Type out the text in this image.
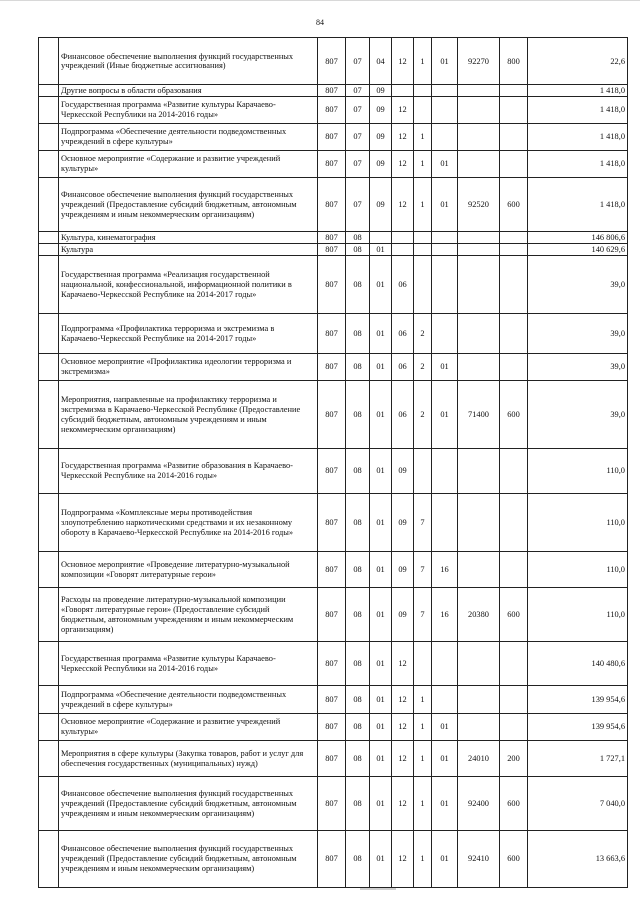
84
	Финансовое обеспечение выполнения функций государственных учреждений (Иные бюджетные ассигнования)	807	07	04	12	1	01	92270	800	22,6
	Другие вопросы в области образования	807	07	09						1 418,0
	Государственная программа «Развитие культуры Карачаево-Черкесской Республики на 2014-2016 годы»	807	07	09	12					1 418,0
	Подпрограмма «Обеспечение деятельности подведомственных учреждений в сфере культуры»	807	07	09	12	1				1 418,0
	Основное мероприятие «Содержание и развитие учреждений культуры»	807	07	09	12	1	01			1 418,0
	Финансовое обеспечение выполнения функций государственных учреждений (Предоставление субсидий бюджетным, автономным учреждениям и иным некоммерческим организациям)	807	07	09	12	1	01	92520	600	1 418,0
	Культура, кинематография	807	08							146 806,6
	Культура	807	08	01						140 629,6
	Государственная программа «Реализация государственной национальной, конфессиональной, информационной политики в Карачаево-Черкесской Республике на 2014-2017 годы»	807	08	01	06					39,0
	Подпрограмма «Профилактика терроризма и экстремизма в Карачаево-Черкесской Республике на 2014-2017 годы»	807	08	01	06	2				39,0
	Основное мероприятие «Профилактика идеологии терроризма и экстремизма»	807	08	01	06	2	01			39,0
	Мероприятия, направленные на профилактику терроризма и экстремизма в Карачаево-Черкесской Республике (Предоставление субсидий бюджетным, автономным учреждениям и иным некоммерческим организациям)	807	08	01	06	2	01	71400	600	39,0
	Государственная программа «Развитие образования в Карачаево-Черкесской Республике на 2014-2016 годы»	807	08	01	09					110,0
	Подпрограмма «Комплексные меры противодействия злоупотреблению наркотическими средствами и их незаконному обороту в Карачаево-Черкесской Республике на 2014-2016 годы»	807	08	01	09	7				110,0
	Основное мероприятие «Проведение литературно-музыкальной композиции «Говорят литературные герои»	807	08	01	09	7	16			110,0
	Расходы на проведение литературно-музыкальной композиции «Говорят литературные герои» (Предоставление субсидий бюджетным, автономным учреждениям и иным некоммерческим организациям)	807	08	01	09	7	16	20380	600	110,0
	Государственная программа «Развитие культуры Карачаево-Черкесской Республики на 2014-2016 годы»	807	08	01	12					140 480,6
	Подпрограмма «Обеспечение деятельности подведомственных учреждений в сфере культуры»	807	08	01	12	1				139 954,6
	Основное мероприятие «Содержание и развитие учреждений культуры»	807	08	01	12	1	01			139 954,6
	Мероприятия в сфере культуры (Закупка товаров, работ и услуг для обеспечения государственных (муниципальных) нужд)	807	08	01	12	1	01	24010	200	1 727,1
	Финансовое обеспечение выполнения функций государственных учреждений (Предоставление субсидий бюджетным, автономным учреждениям и иным некоммерческим организациям)	807	08	01	12	1	01	92400	600	7 040,0
	Финансовое обеспечение выполнения функций государственных учреждений (Предоставление субсидий бюджетным, автономным учреждениям и иным некоммерческим организациям)	807	08	01	12	1	01	92410	600	13 663,6
